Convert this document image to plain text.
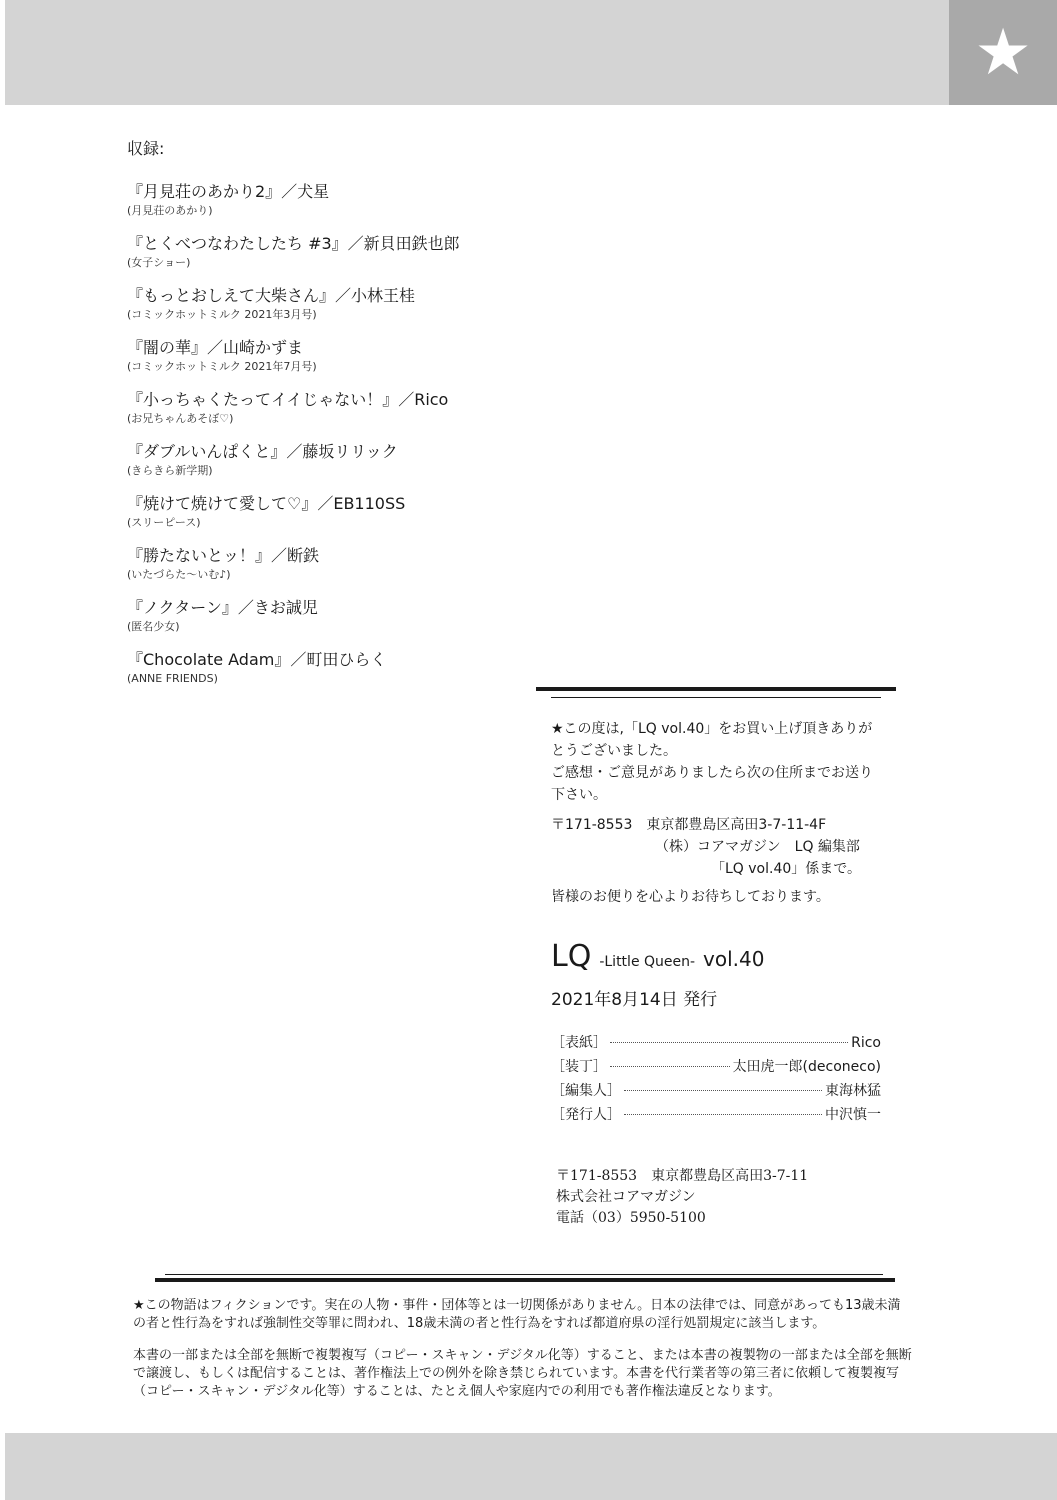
★
収録:
『月見荘のあかり2』／犬星
(月見荘のあかり)
『とくべつなわたしたち #3』／新貝田鉄也郎
(女子ショー)
『もっとおしえて大柴さん』／小林王桂
(コミックホットミルク 2021年3月号)
『闇の華』／山崎かずま
(コミックホットミルク 2021年7月号)
『小っちゃくたってイイじゃない！』／Rico
(お兄ちゃんあそぼ♡)
『ダブルいんぱくと』／藤坂リリック
(きらきら新学期)
『焼けて焼けて愛して♡』／EB110SS
(スリーピース)
『勝たないとッ！』／断鉄
(いたづらた〜いむ♪)
『ノクターン』／きお誠児
(匿名少女)
『Chocolate Adam』／町田ひらく
(ANNE FRIENDS)

★この度は,「LQ vol.40」をお買い上げ頂きありが

とうございました。

ご感想・ご意見がありましたら次の住所までお送り

下さい。

〒171-8553　東京都豊島区高田3-7-11-4F

（株）コアマガジン　LQ 編集部

「LQ vol.40」係まで。

皆様のお便りを心よりお待ちしております。

LQ -Little Queen- vol.40
2021年8月14日 発行
［表紙］	Rico
［装丁］	太田虎一郎(deconeco)
［編集人］	東海林猛
［発行人］	中沢慎一
〒171-8553　東京都豊島区高田3-7-11
株式会社コアマガジン
電話（03）5950-5100

★この物語はフィクションです。実在の人物・事件・団体等とは一切関係がありません。日本の法律では、同意があっても13歳未満の者と性行為をすれば強制性交等罪に問われ、18歳未満の者と性行為をすれば都道府県の淫行処罰規定に該当します。

本書の一部または全部を無断で複製複写（コピー・スキャン・デジタル化等）すること、または本書の複製物の一部または全部を無断で譲渡し、もしくは配信することは、著作権法上での例外を除き禁じられています。本書を代行業者等の第三者に依頼して複製複写（コピー・スキャン・デジタル化等）することは、たとえ個人や家庭内での利用でも著作権法違反となります。
